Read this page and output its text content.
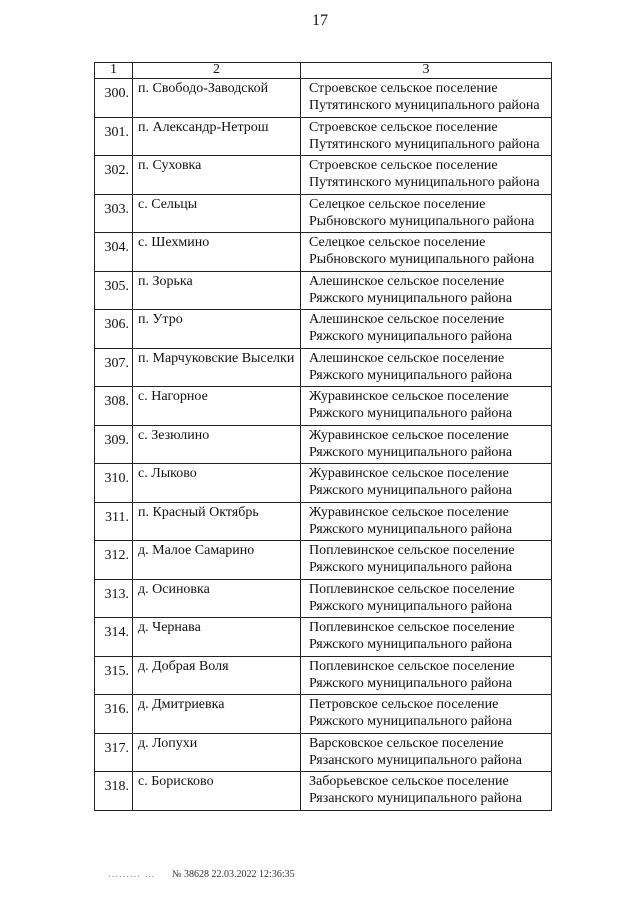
17
1	2	3
300.	п. Свободо-Заводской	Строевское сельское поселение
Путятинского муниципального района

301.	п. Александр-Нетрош	Строевское сельское поселение
Путятинского муниципального района

302.	п. Суховка	Строевское сельское поселение
Путятинского муниципального района

303.	с. Сельцы	Селецкое сельское поселение
Рыбновского муниципального района

304.	с. Шехмино	Селецкое сельское поселение
Рыбновского муниципального района

305.	п. Зорька	Алешинское сельское поселение
Ряжского муниципального района

306.	п. Утро	Алешинское сельское поселение
Ряжского муниципального района

307.	п. Марчуковские Выселки	Алешинское сельское поселение
Ряжского муниципального района

308.	с. Нагорное	Журавинское сельское поселение
Ряжского муниципального района

309.	с. Зезюлино	Журавинское сельское поселение
Ряжского муниципального района

310.	с. Лыково	Журавинское сельское поселение
Ряжского муниципального района

311.	п. Красный Октябрь	Журавинское сельское поселение
Ряжского муниципального района

312.	д. Малое Самарино	Поплевинское сельское поселение
Ряжского муниципального района

313.	д. Осиновка	Поплевинское сельское поселение
Ряжского муниципального района

314.	д. Чернава	Поплевинское сельское поселение
Ряжского муниципального района

315.	д. Добрая Воля	Поплевинское сельское поселение
Ряжского муниципального района

316.	д. Дмитриевка	Петровское сельское поселение
Ряжского муниципального района

317.	д. Лопухи	Варсковское сельское поселение
Рязанского муниципального района

318.	с. Борисково	Заборьевское сельское поселение
Рязанского муниципального района
……… … № 38628 22.03.2022 12:36:35
